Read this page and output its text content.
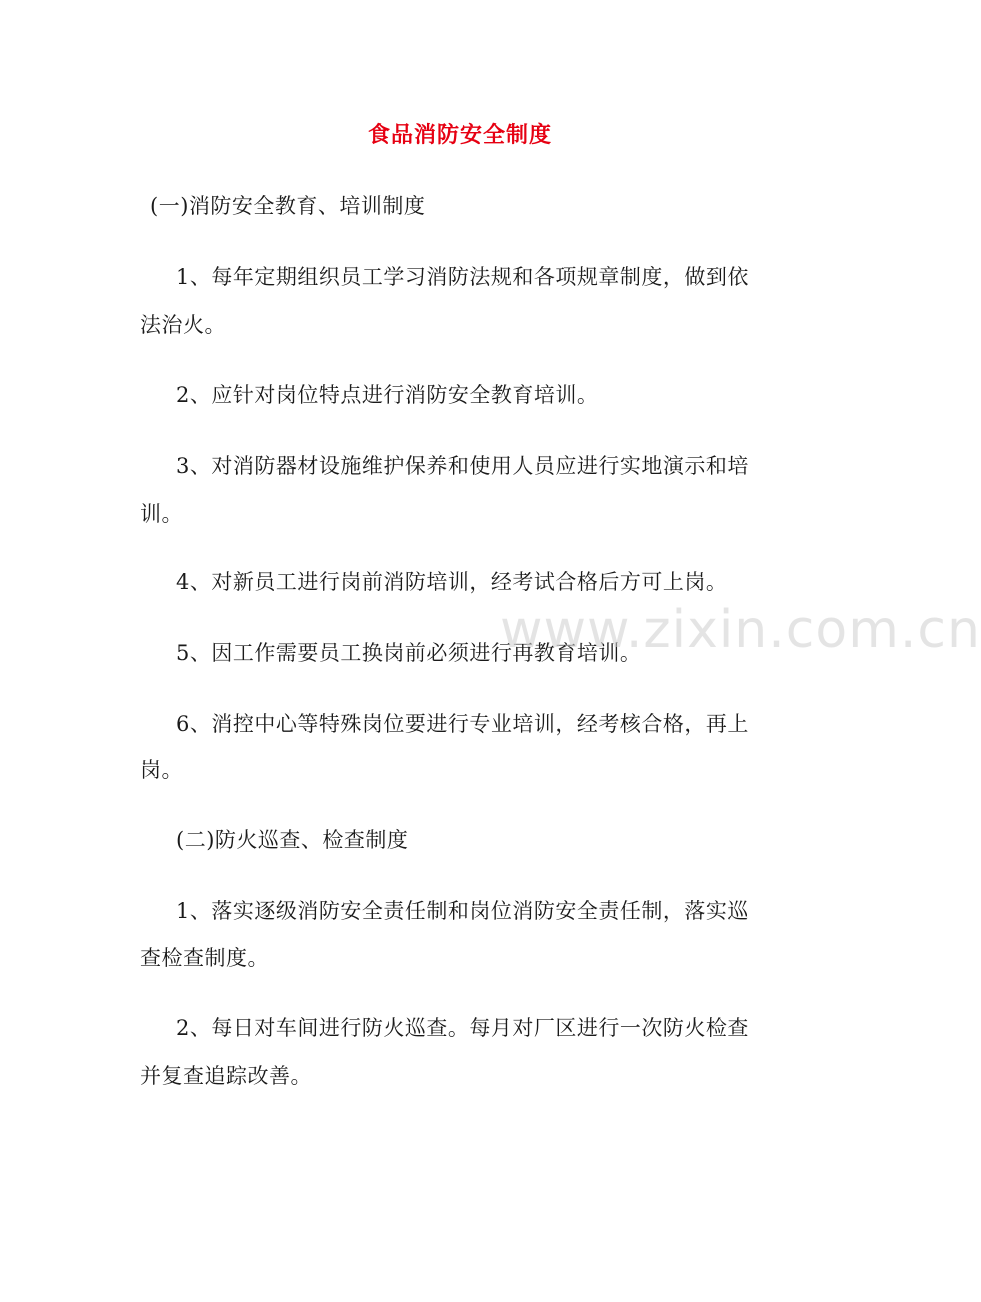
食品消防安全制度
(一)消防安全教育、培训制度
1、每年定期组织员工学习消防法规和各项规章制度，做到依
法治火。
2、应针对岗位特点进行消防安全教育培训。
3、对消防器材设施维护保养和使用人员应进行实地演示和培
训。
4、对新员工进行岗前消防培训，经考试合格后方可上岗。
5、因工作需要员工换岗前必须进行再教育培训。
6、消控中心等特殊岗位要进行专业培训，经考核合格，再上
岗。
(二)防火巡查、检查制度
1、落实逐级消防安全责任制和岗位消防安全责任制，落实巡
查检查制度。
2、每日对车间进行防火巡查。每月对厂区进行一次防火检查
并复查追踪改善。
www.zixin.com.cn
